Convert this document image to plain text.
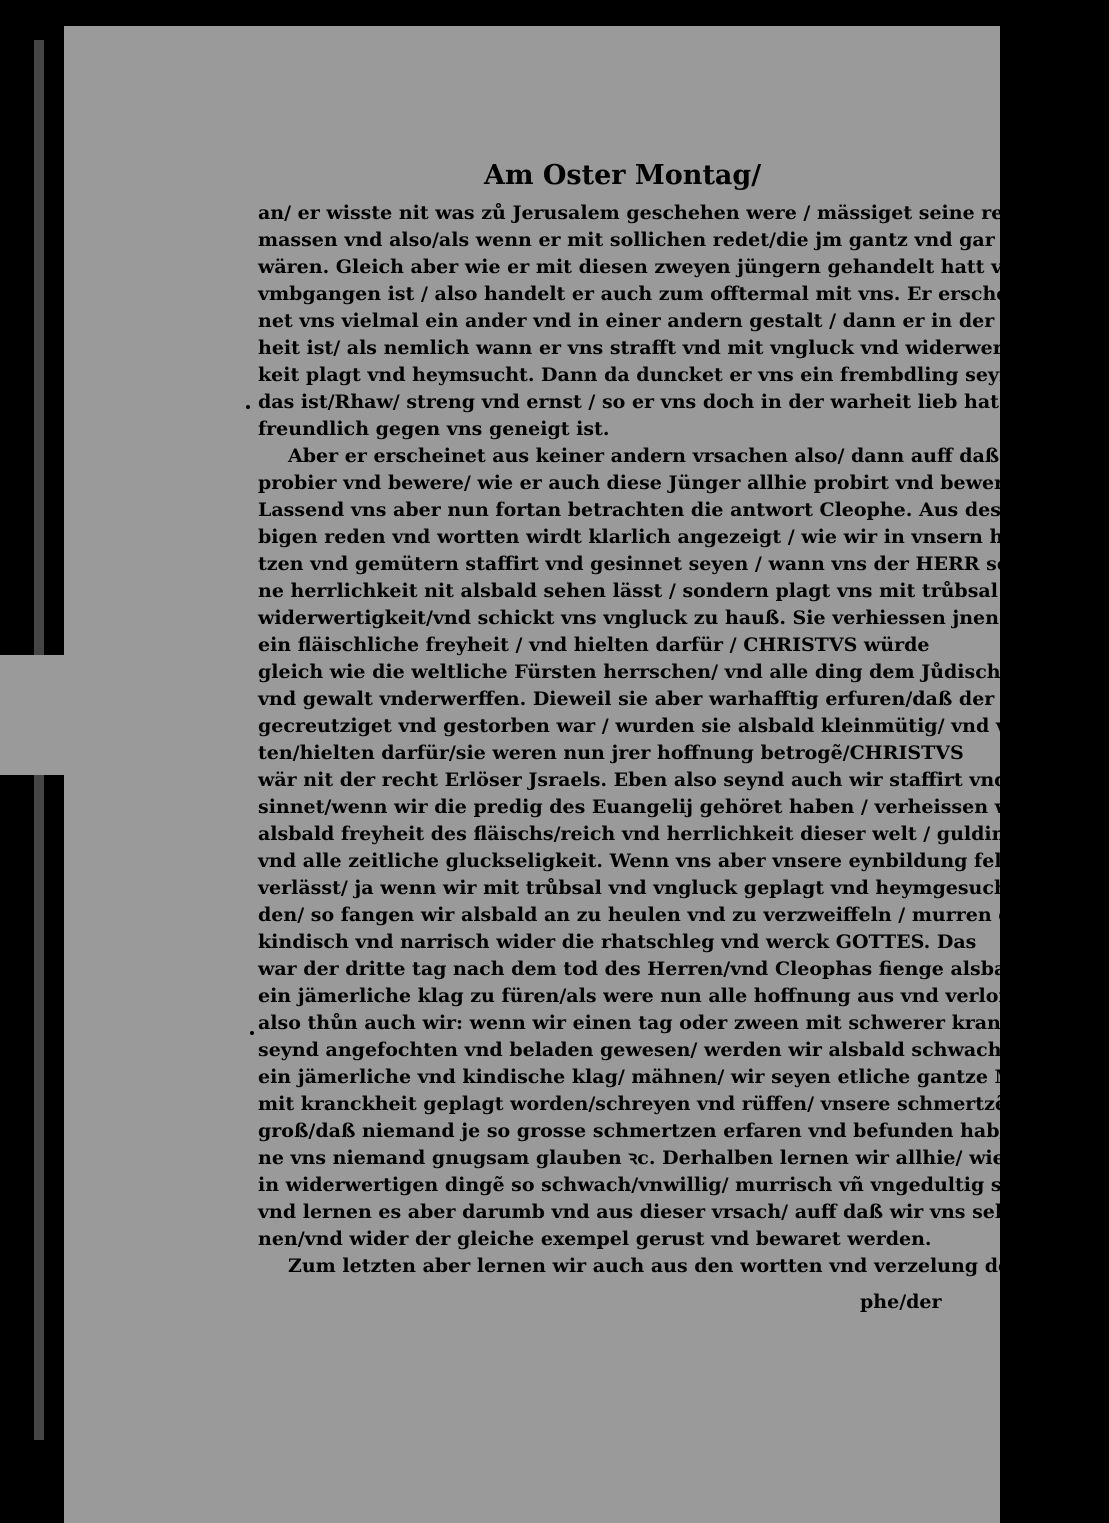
Am Oster Montag/
an/ er wisste nit was zů Jerusalem geschehen were / mässiget seine rede der
massen vnd also/als wenn er mit sollichen redet/die jm gantz vnd gar vnbekãt
wären. Gleich aber wie er mit diesen zweyen jüngern gehandelt hatt vnd
vmbgangen ist / also handelt er auch zum offtermal mit vns. Er erschei-
net vns vielmal ein ander vnd in einer andern gestalt / dann er in der war-
heit ist/ als nemlich wann er vns strafft vnd mit vngluck vnd widerwertig-
keit plagt vnd heymsucht. Dann da duncket er vns ein frembdling seyn/
das ist/Rhaw/ streng vnd ernst / so er vns doch in der warheit lieb hat / vnd
freundlich gegen vns geneigt ist.
Aber er erscheinet aus keiner andern vrsachen also/ dann auff daß er vns
probier vnd bewere/ wie er auch diese Jünger allhie probirt vnd beweret hat.
Lassend vns aber nun fortan betrachten die antwort Cleophe. Aus dessel-
bigen reden vnd wortten wirdt klarlich angezeigt / wie wir in vnsern her-
tzen vnd gemütern staffirt vnd gesinnet seyen / wann vns der HERR sei-
ne herrlichkeit nit alsbald sehen lässt / sondern plagt vns mit trůbsal vnd
widerwertigkeit/vnd schickt vns vngluck zu hauß. Sie verhiessen jnen selbs
ein fläischliche freyheit / vnd hielten darfür / CHRISTVS würde
gleich wie die weltliche Fürsten herrschen/ vnd alle ding dem Jůdischen Reich
vnd gewalt vnderwerffen. Dieweil sie aber warhafftig erfuren/daß der Herr
gecreutziget vnd gestorben war / wurden sie alsbald kleinmütig/ vnd verzag-
ten/hielten darfür/sie weren nun jrer hoffnung betrogẽ/CHRISTVS
wär nit der recht Erlöser Jsraels. Eben also seynd auch wir staffirt vnd ge-
sinnet/wenn wir die predig des Euangelij gehöret haben / verheissen wir vns
alsbald freyheit des fläischs/reich vnd herrlichkeit dieser welt / guldine berg
vnd alle zeitliche gluckseligkeit. Wenn vns aber vnsere eynbildung felet vnd
verlässt/ ja wenn wir mit trůbsal vnd vngluck geplagt vnd heymgesucht wer-
den/ so fangen wir alsbald an zu heulen vnd zu verzweiffeln / murren gantz
kindisch vnd narrisch wider die rhatschleg vnd werck GOTTES. Das
war der dritte tag nach dem tod des Herren/vnd Cleophas fienge alsbald an
ein jämerliche klag zu füren/als were nun alle hoffnung aus vnd verlorẽ: eben
also thůn auch wir: wenn wir einen tag oder zween mit schwerer kranckheit
seynd angefochten vnd beladen gewesen/ werden wir alsbald schwach / füren
ein jämerliche vnd kindische klag/ mähnen/ wir seyen etliche gantze Monaten
mit kranckheit geplagt worden/schreyen vnd rüffen/ vnsere schmertzẽ seyẽ also
groß/daß niemand je so grosse schmertzen erfaren vnd befunden hab/Es kon-
ne vns niemand gnugsam glauben ꝛc. Derhalben lernen wir allhie/ wie wir
in widerwertigen dingẽ so schwach/vnwillig/ murrisch vñ vngedultig seynd/
vnd lernen es aber darumb vnd aus dieser vrsach/ auff daß wir vns selbs erkẽ-
nen/vnd wider der gleiche exempel gerust vnd bewaret werden.
Zum letzten aber lernen wir auch aus den wortten vnd verzelung des Cleo-
phe/der
